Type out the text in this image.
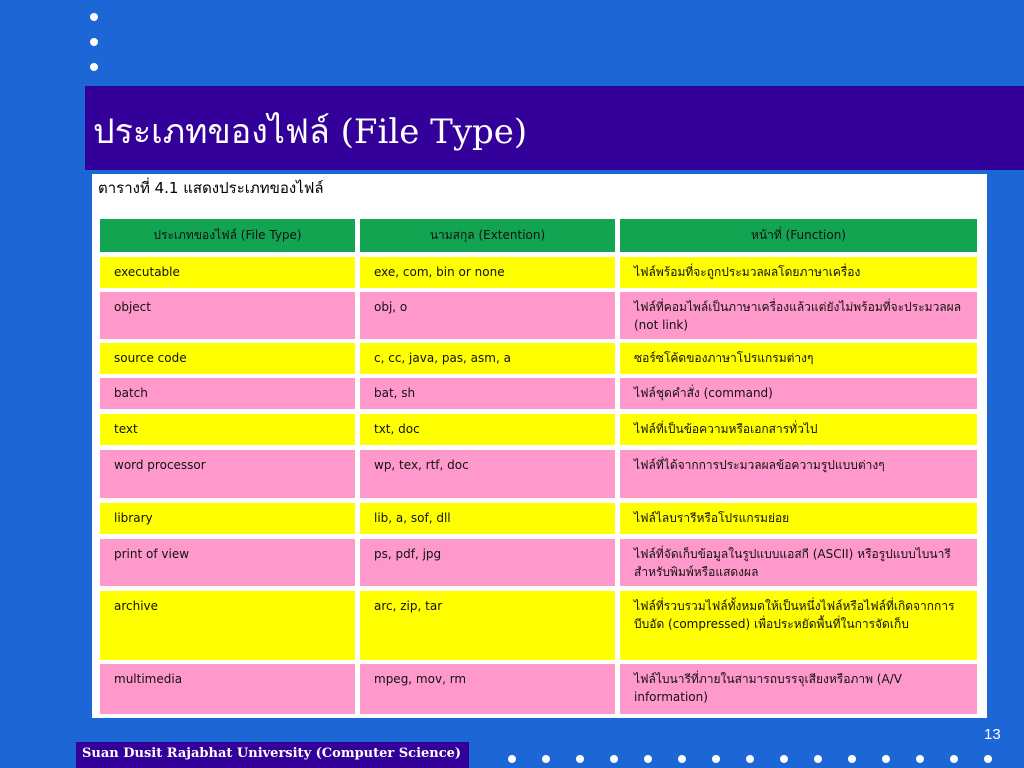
ประเภทของไฟล์ (File Type)
ตารางที่ 4.1 แสดงประเภทของไฟล์
ประเภทของไฟล์ (File Type)	นามสกุล (Extention)	หน้าที่ (Function)
executable	exe, com, bin or none	ไฟล์พร้อมที่จะถูกประมวลผลโดยภาษาเครื่อง
object	obj, o	ไฟล์ที่คอมไพล์เป็นภาษาเครื่องแล้วแต่ยังไม่พร้อมที่จะประมวลผล (not link)
source code	c, cc, java, pas, asm, a	ซอร์ซโค้ดของภาษาโปรแกรมต่างๆ
batch	bat, sh	ไฟล์ชุดคำสั่ง (command)
text	txt, doc	ไฟล์ที่เป็นข้อความหรือเอกสารทั่วไป
word processor	wp, tex, rtf, doc	ไฟล์ที่ได้จากการประมวลผลข้อความรูปแบบต่างๆ
library	lib, a, sof, dll	ไฟล์ไลบรารีหรือโปรแกรมย่อย
print of view	ps, pdf, jpg	ไฟล์ที่จัดเก็บข้อมูลในรูปแบบแอสกี (ASCII) หรือรูปแบบไบนารีสำหรับพิมพ์หรือแสดงผล
archive	arc, zip, tar	ไฟล์ที่รวบรวมไฟล์ทั้งหมดให้เป็นหนึ่งไฟล์หรือไฟล์ที่เกิดจากการบีบอัด (compressed) เพื่อประหยัดพื้นที่ในการจัดเก็บ
multimedia	mpeg, mov, rm	ไฟล์ไบนารีที่ภายในสามารถบรรจุเสียงหรือภาพ (A/V information)
13
Suan Dusit Rajabhat University (Computer Science)
